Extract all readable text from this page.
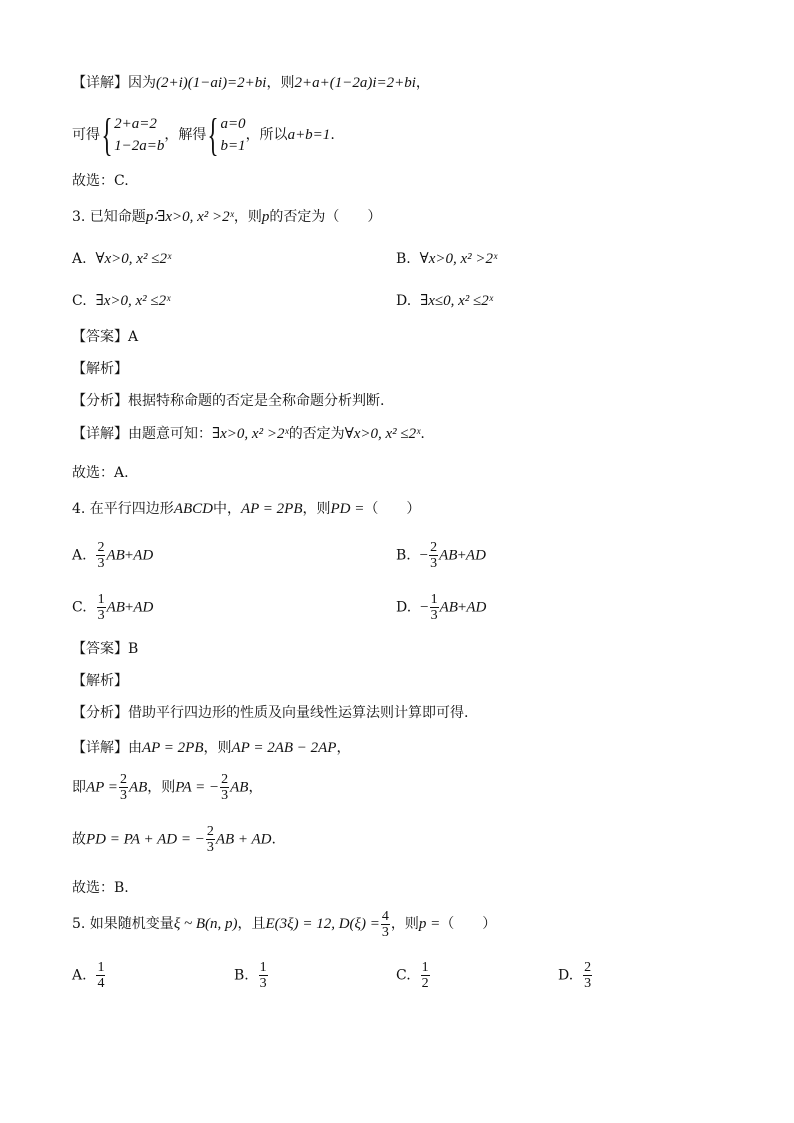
【详解】因为(2+i)(1−ai)=2+bi，则2+a+(1−2a)i=2+bi，
可得{ 2+a=2
1−2a=b
，解得{ a=0
b=1
，所以a+b=1.
故选：C.
3. 已知命题p∶∃x>0, x² >2ˣ，则p的否定为（　　）
A. ∀x>0, x² ≤2ˣ	B. ∀x>0, x² >2ˣ
C. ∃x>0, x² ≤2ˣ	D. ∃x≤0, x² ≤2ˣ
【答案】A
【解析】
【分析】根据特称命题的否定是全称命题分析判断.
【详解】由题意可知：∃x>0, x² >2ˣ的否定为∀x>0, x² ≤2ˣ.
故选：A.
4. 在平行四边形ABCD中，AP = 2PB，则PD =（　　）
A. $\frac{2}{3} AB+AD$	B. − $\frac{2}{3} AB+AD$
C. $\frac{1}{3} AB+AD$	D. − $\frac{1}{3} AB+AD$
【答案】B
【解析】
【分析】借助平行四边形的性质及向量线性运算法则计算即可得.
【详解】由AP = 2PB，则AP = 2AB − 2AP，
即AP = $\frac{2}{3}$ AB，则PA = − $\frac{2}{3}$ AB，
故PD = PA + AD = − $\frac{2}{3}$ AB + AD.
故选：B.
5. 如果随机变量ξ ~ B(n, p)，且E(3ξ) = 12, $D(\xi) = \frac{4}{3}$ ，则p =（　　）
A. $\frac{1}{4}$	B. $\frac{1}{3}$	C. $\frac{1}{2}$	D. $\frac{2}{3}$
